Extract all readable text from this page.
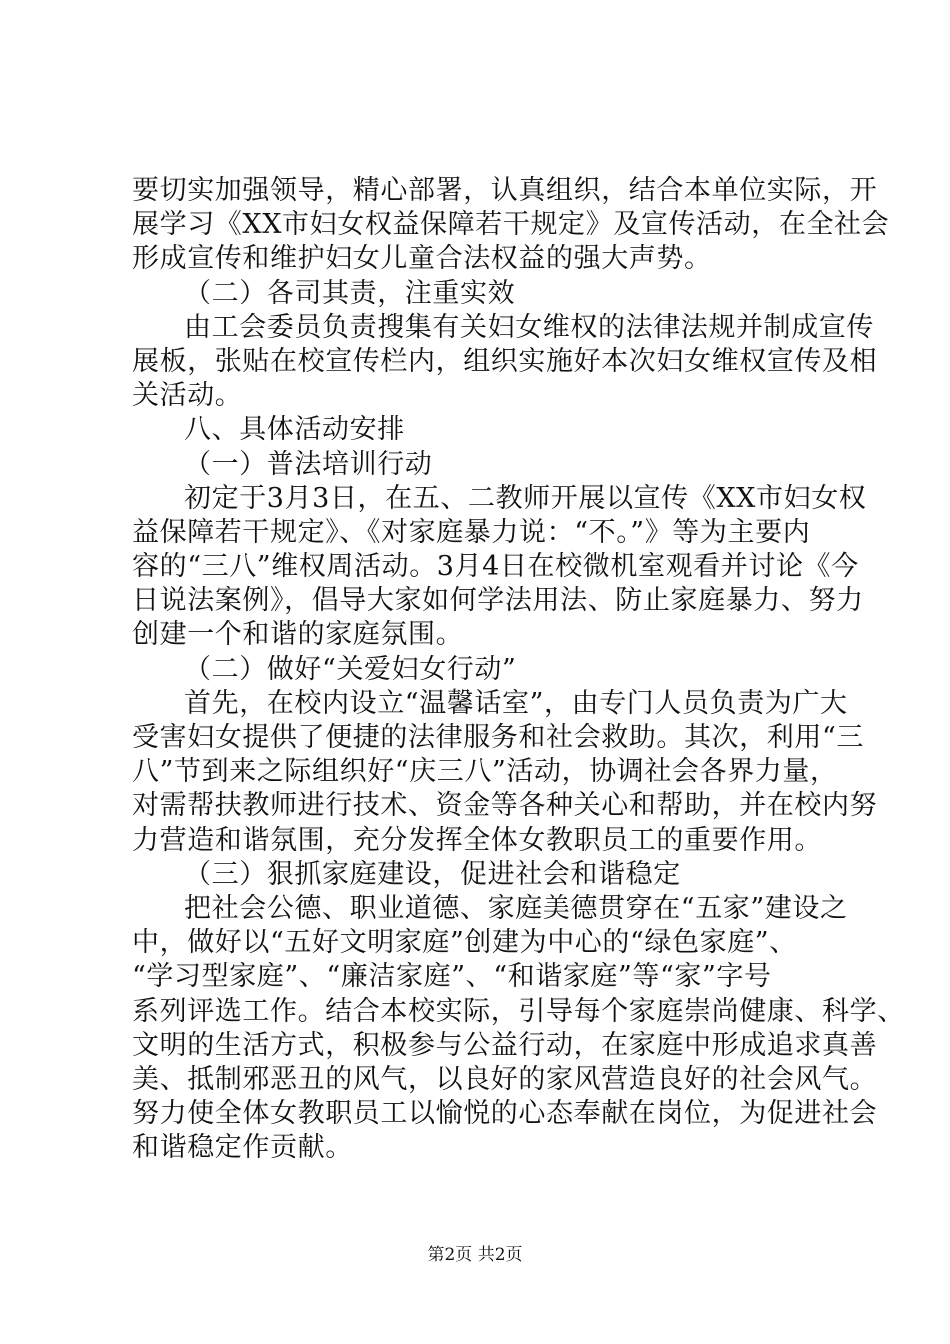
要切实加强领导，精心部署，认真组织，结合本单位实际，开
展学习《XX市妇女权益保障若干规定》及宣传活动，在全社会
形成宣传和维护妇女儿童合法权益的强大声势。
（二）各司其责，注重实效
由工会委员负责搜集有关妇女维权的法律法规并制成宣传
展板，张贴在校宣传栏内，组织实施好本次妇女维权宣传及相
关活动。
八、具体活动安排
（一）普法培训行动
初定于3月3日，在五、二教师开展以宣传《XX市妇女权
益保障若干规定》、《对家庭暴力说：“不。”》等为主要内
容的“三八”维权周活动。3月4日在校微机室观看并讨论《今
日说法案例》，倡导大家如何学法用法、防止家庭暴力、努力
创建一个和谐的家庭氛围。
（二）做好“关爱妇女行动”
首先，在校内设立“温馨话室”，由专门人员负责为广大
受害妇女提供了便捷的法律服务和社会救助。其次，利用“三
八”节到来之际组织好“庆三八”活动，协调社会各界力量，
对需帮扶教师进行技术、资金等各种关心和帮助，并在校内努
力营造和谐氛围，充分发挥全体女教职员工的重要作用。
（三）狠抓家庭建设，促进社会和谐稳定
把社会公德、职业道德、家庭美德贯穿在“五家”建设之
中，做好以“五好文明家庭”创建为中心的“绿色家庭”、
“学习型家庭”、“廉洁家庭”、“和谐家庭”等“家”字号
系列评选工作。结合本校实际，引导每个家庭崇尚健康、科学、
文明的生活方式，积极参与公益行动，在家庭中形成追求真善
美、抵制邪恶丑的风气，以良好的家风营造良好的社会风气。
努力使全体女教职员工以愉悦的心态奉献在岗位，为促进社会
和谐稳定作贡献。
第2页 共2页
